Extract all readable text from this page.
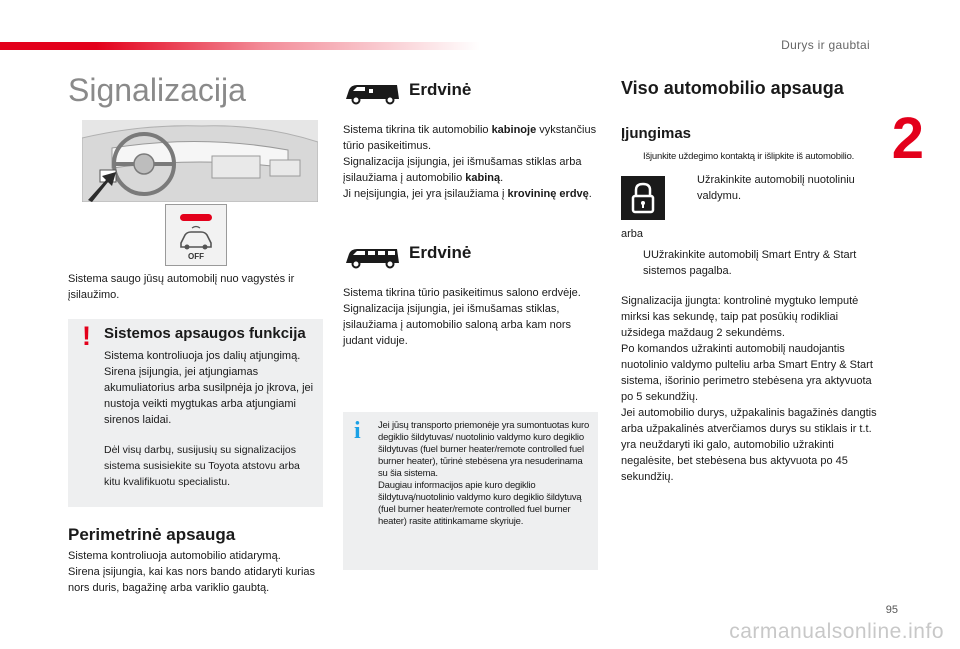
Durys ir gaubtai
2
95
carmanualsonline.info
Signalizacija
OFF

Sistema saugo jūsų automobilį nuo vagystės ir įsilaužimo.

! Sistemos apsaugos funkcija

Sistema kontroliuoja jos dalių atjungimą.
Sirena įsijungia, jei atjungiamas akumuliatorius arba susilpnėja jo įkrova, jei nustoja veikti mygtukas arba atjungiami sirenos laidai.

Dėl visų darbų, susijusių su signalizacijos sistema susisiekite su Toyota atstovu arba kitu kvalifikuotu specialistu.

Perimetrinė apsauga

Sistema kontroliuoja automobilio atidarymą.
Sirena įsijungia, kai kas nors bando atidaryti kurias nors duris, bagažinę arba variklio gaubtą.

Erdvinė

Sistema tikrina tik automobilio kabinoje vykstančius tūrio pasikeitimus.
Signalizacija įsijungia, jei išmušamas stiklas arba įsilaužiama į automobilio kabiną.
Ji neįsijungia, jei yra įsilaužiama į krovininę erdvę.

Erdvinė

Sistema tikrina tūrio pasikeitimus salono erdvėje.
Signalizacija įsijungia, jei išmušamas stiklas, įsilaužiama į automobilio saloną arba kam nors judant viduje.

i Jei jūsų transporto priemonėje yra sumontuotas kuro degiklio šildytuvas/ nuotolinio valdymo kuro degiklio šildytuvas (fuel burner heater/remote controlled fuel burner heater), tūrinė stebėsena yra nesuderinama su šia sistema.
Daugiau informacijos apie kuro degiklio šildytuvą/nuotolinio valdymo kuro degiklio šildytuvą (fuel burner heater/remote controlled fuel burner heater) rasite atitinkamame skyriuje.

Viso automobilio apsauga
Įjungimas
Išjunkite uždegimo kontaktą ir išlipkite iš automobilio.
Užrakinkite automobilį nuotoliniu valdymu.

arba

UUžrakinkite automobilį Smart Entry & Start sistemos pagalba.

Signalizacija įjungta: kontrolinė mygtuko lemputė mirksi kas sekundę, taip pat posūkių rodikliai užsidega maždaug 2 sekundėms.
Po komandos užrakinti automobilį naudojantis nuotolinio valdymo pulteliu arba Smart Entry & Start sistema, išorinio perimetro stebėsena yra aktyvuota po 5 sekundžių.
Jei automobilio durys, užpakalinis bagažinės dangtis arba užpakalinės atverčiamos durys su stiklais ir t.t. yra neuždaryti iki galo, automobilio užrakinti negalėsite, bet stebėsena bus aktyvuota po 45 sekundžių.
